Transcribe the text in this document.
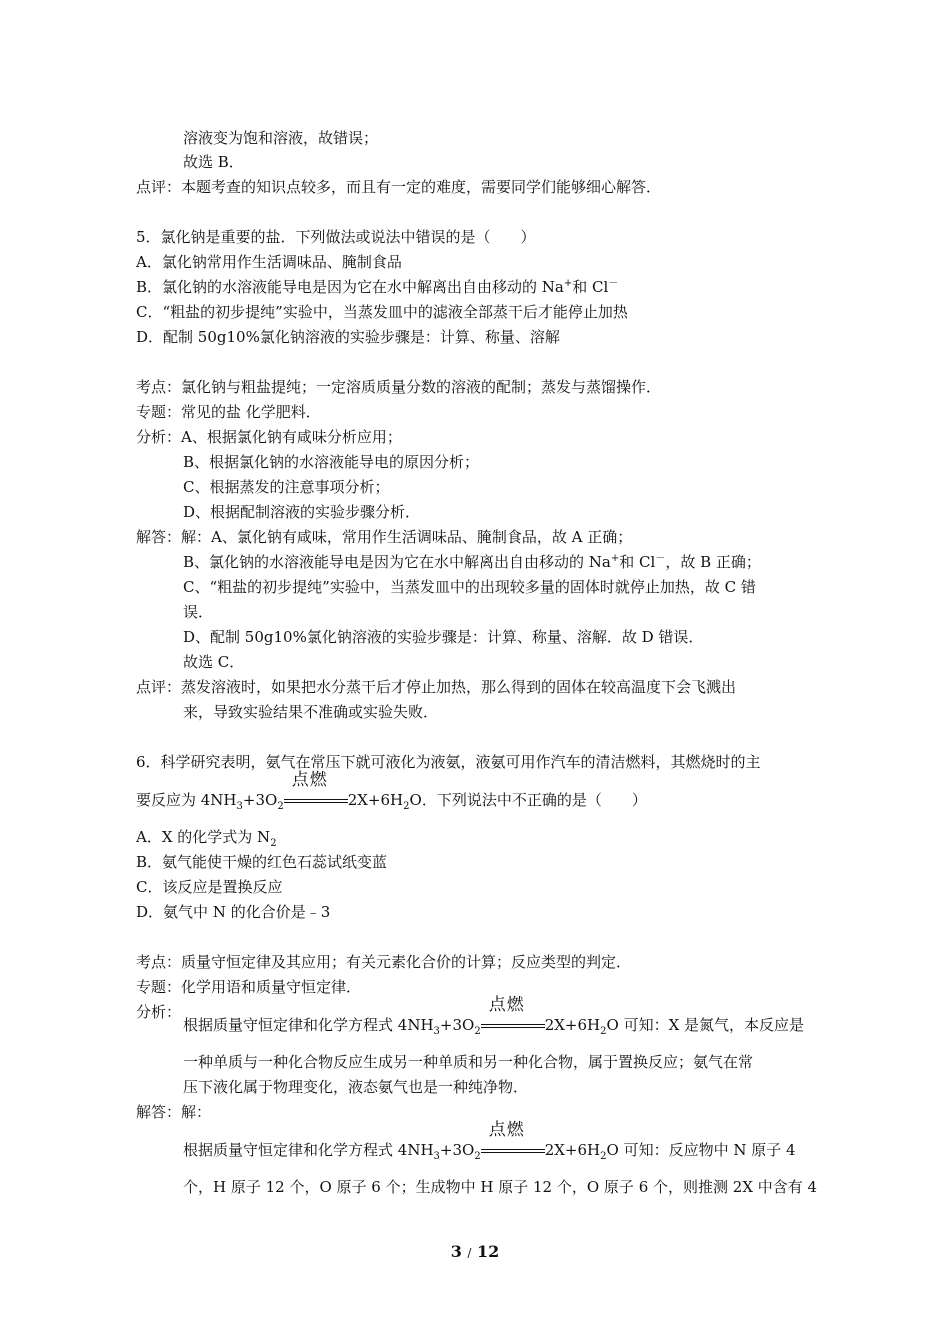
溶液变为饱和溶液，故错误；
故选 B．
点评：本题考查的知识点较多，而且有一定的难度，需要同学们能够细心解答．
5．氯化钠是重要的盐．下列做法或说法中错误的是（　　）
A．氯化钠常用作生活调味品、腌制食品
B．氯化钠的水溶液能导电是因为它在水中解离出自由移动的 Na+和 Cl－
C．“粗盐的初步提纯”实验中，当蒸发皿中的滤液全部蒸干后才能停止加热
D．配制 50g10%氯化钠溶液的实验步骤是：计算、称量、溶解
考点：氯化钠与粗盐提纯；一定溶质质量分数的溶液的配制；蒸发与蒸馏操作．
专题：常见的盐 化学肥料．
分析：A、根据氯化钠有咸味分析应用；
B、根据氯化钠的水溶液能导电的原因分析；
C、根据蒸发的注意事项分析；
D、根据配制溶液的实验步骤分析．
解答：解：A、氯化钠有咸味，常用作生活调味品、腌制食品，故 A 正确；
B、氯化钠的水溶液能导电是因为它在水中解离出自由移动的 Na+和 Cl－，故 B 正确；
C、“粗盐的初步提纯”实验中，当蒸发皿中的出现较多量的固体时就停止加热，故 C 错
误．
D、配制 50g10%氯化钠溶液的实验步骤是：计算、称量、溶解．故 D 错误．
故选 C．
点评：蒸发溶液时，如果把水分蒸干后才停止加热，那么得到的固体在较高温度下会飞溅出
来，导致实验结果不准确或实验失败．
6．科学研究表明，氨气在常压下就可液化为液氨，液氨可用作汽车的清洁燃料，其燃烧时的主
要反应为 $4NH_3+3O_2$
点燃
$2X+6H_2O$．下列说法中不正确的是（　　）
A．X 的化学式为 $N_2$
B．氨气能使干燥的红色石蕊试纸变蓝
C．该反应是置换反应
D．氨气中 N 的化合价是﹣3
考点：质量守恒定律及其应用；有关元素化合价的计算；反应类型的判定．
专题：化学用语和质量守恒定律．
分析：
根据质量守恒定律和化学方程式 $4NH_3+3O_2$
点燃
$2X+6H_2O$ 可知：X 是氮气，本反应是
一种单质与一种化合物反应生成另一种单质和另一种化合物，属于置换反应；氨气在常
压下液化属于物理变化，液态氨气也是一种纯净物．
解答：解：
根据质量守恒定律和化学方程式 $4NH_3+3O_2$
点燃
$2X+6H_2O$ 可知：反应物中 N 原子 4
个，H 原子 12 个，O 原子 6 个；生成物中 H 原子 12 个，O 原子 6 个，则推测 2X 中含有 4
3 / 12
